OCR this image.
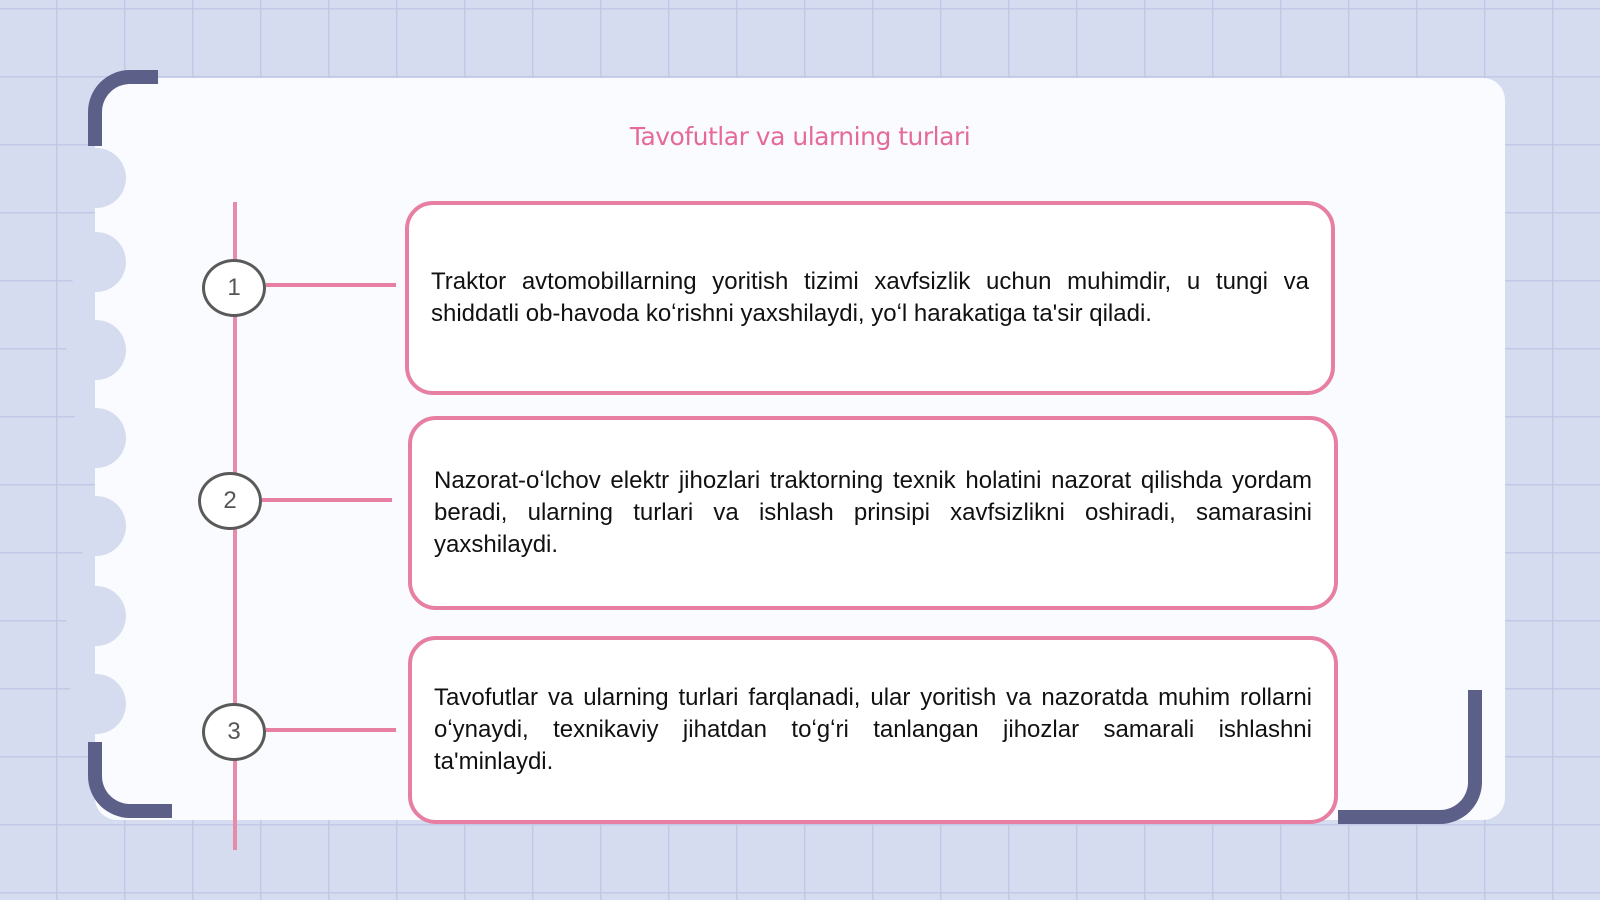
Tavofutlar va ularning turlari
1
2
3
Traktor avtomobillarning yoritish tizimi xavfsizlik uchun muhimdir, u tungi va shiddatli ob-havoda koʻrishni yaxshilaydi, yoʻl harakatiga ta'sir qiladi.
Nazorat-oʻlchov elektr jihozlari traktorning texnik holatini nazorat qilishda yordam beradi, ularning turlari va ishlash prinsipi xavfsizlikni oshiradi, samarasini yaxshilaydi.
Tavofutlar va ularning turlari farqlanadi, ular yoritish va nazoratda muhim rollarni oʻynaydi, texnikaviy jihatdan toʻgʻri tanlangan jihozlar samarali ishlashni ta'minlaydi.
